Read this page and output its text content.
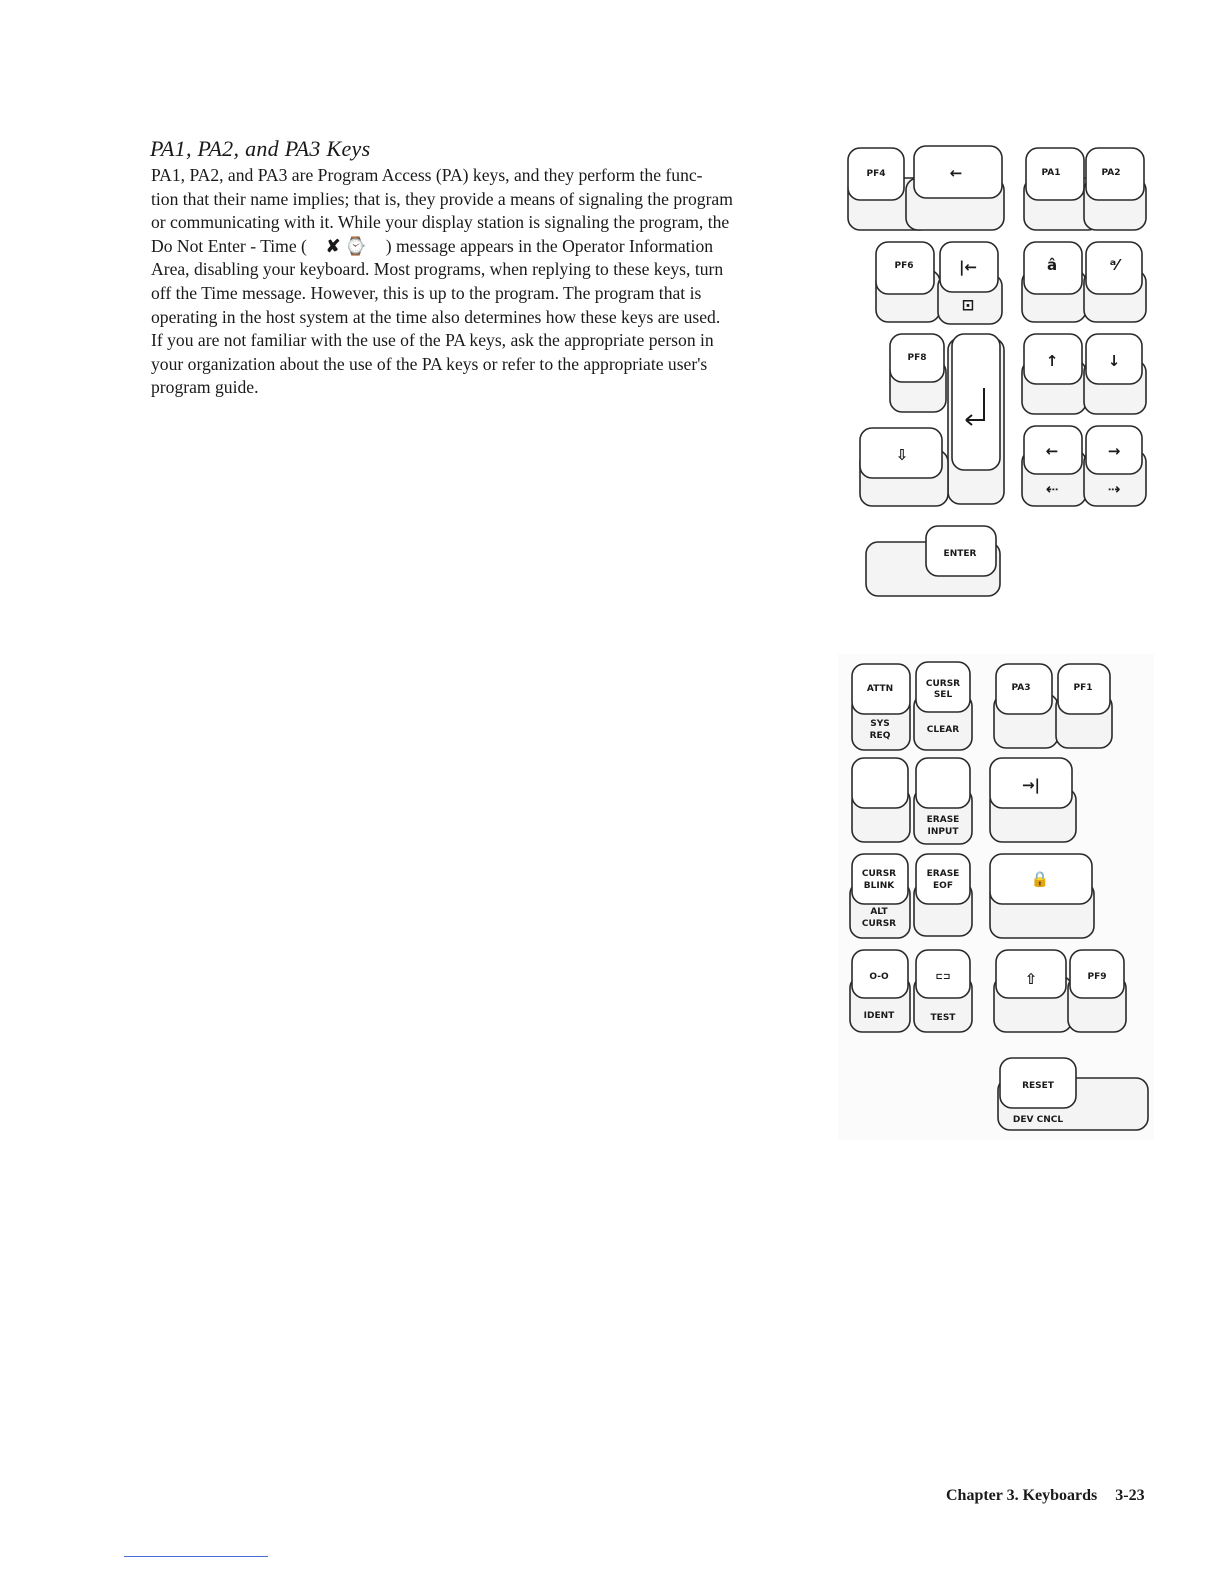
PA1, PA2, and PA3 Keys
PA1, PA2, and PA3 are Program Access (PA) keys, and they perform the func-
tion that their name implies; that is, they provide a means of signaling the program
or communicating with it. While your display station is signaling the program, the
Do Not Enter - Time ( ✘ ⌚ ) message appears in the Operator Information
Area, disabling your keyboard. Most programs, when replying to these keys, turn
off the Time message. However, this is up to the program. The program that is
operating in the host system at the time also determines how these keys are used.
If you are not familiar with the use of the PA keys, ask the appropriate person in
your organization about the use of the PA keys or refer to the appropriate user's
program guide.
PF4	←	PA1	PA2
PF6	|←
⊡
â	ᵃ⁄
PF8	↑	↓
⇩	←
⇠
→
⇢
ENTER
ATTN
SYS
REQ
CURSR
SEL
CLEAR
PA3	PF1
ERASE
INPUT
→|
CURSR
BLINK
ALT
CURSR
ERASE
EOF	🔒
O-O
IDENT
⊏⊐
TEST
⇧	PF9
RESET
DEV CNCL
Chapter 3. Keyboards 3-23
